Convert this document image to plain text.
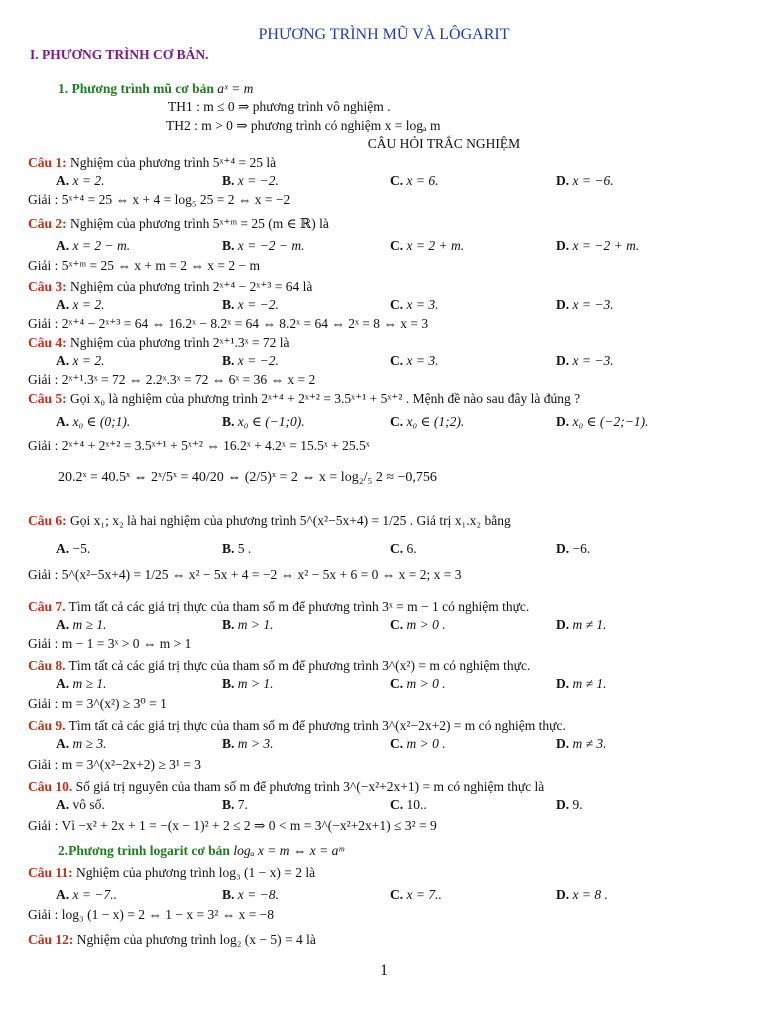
PHƯƠNG TRÌNH MŨ VÀ LÔGARIT
I. PHƯƠNG TRÌNH CƠ BẢN.
1. Phương trình mũ cơ bản aˣ = m
TH1 : m ≤ 0 ⇒ phương trình vô nghiệm .
TH2 : m > 0 ⇒ phương trình có nghiệm x = logₐ m
CÂU HỎI TRẮC NGHIỆM
Câu 1: Nghiệm của phương trình 5ˣ⁺⁴ = 25 là
A. x = 2.	B. x = −2.	C. x = 6.	D. x = −6.
Giải : 5ˣ⁺⁴ = 25 ⇔ x + 4 = log₅ 25 = 2 ⇔ x = −2
Câu 2: Nghiệm của phương trình 5ˣ⁺ᵐ = 25 (m ∈ ℝ) là
A. x = 2 − m.	B. x = −2 − m.	C. x = 2 + m.	D. x = −2 + m.
Giải : 5ˣ⁺ᵐ = 25 ⇔ x + m = 2 ⇔ x = 2 − m
Câu 3: Nghiệm của phương trình 2ˣ⁺⁴ − 2ˣ⁺³ = 64 là
A. x = 2.	B. x = −2.	C. x = 3.	D. x = −3.
Giải : 2ˣ⁺⁴ − 2ˣ⁺³ = 64 ⇔ 16.2ˣ − 8.2ˣ = 64 ⇔ 8.2ˣ = 64 ⇔ 2ˣ = 8 ⇔ x = 3
Câu 4: Nghiệm của phương trình 2ˣ⁺¹.3ˣ = 72 là
A. x = 2.	B. x = −2.	C. x = 3.	D. x = −3.
Giải : 2ˣ⁺¹.3ˣ = 72 ⇔ 2.2ˣ.3ˣ = 72 ⇔ 6ˣ = 36 ⇔ x = 2
Câu 5: Gọi x₀ là nghiệm của phương trình 2ˣ⁺⁴ + 2ˣ⁺² = 3.5ˣ⁺¹ + 5ˣ⁺² . Mệnh đề nào sau đây là đúng ?
A. x₀ ∈ (0;1).	B. x₀ ∈ (−1;0).	C. x₀ ∈ (1;2).	D. x₀ ∈ (−2;−1).
Giải : 2ˣ⁺⁴ + 2ˣ⁺² = 3.5ˣ⁺¹ + 5ˣ⁺² ⇔ 16.2ˣ + 4.2ˣ = 15.5ˣ + 25.5ˣ
20.2ˣ = 40.5ˣ ⇔ 2ˣ/5ˣ = 40/20 ⇔ (2/5)ˣ = 2 ⇔ x = log₂/₅ 2 ≈ −0,756
Câu 6: Gọi x₁; x₂ là hai nghiệm của phương trình 5^(x²−5x+4) = 1/25 . Giá trị x₁.x₂ bằng
A. −5.	B. 5 .	C. 6.	D. −6.
Giải : 5^(x²−5x+4) = 1/25 ⇔ x² − 5x + 4 = −2 ⇔ x² − 5x + 6 = 0 ⇔ x = 2; x = 3
Câu 7. Tìm tất cả các giá trị thực của tham số m để phương trình 3ˣ = m − 1 có nghiệm thực.
A. m ≥ 1.	B. m > 1.	C. m > 0 .	D. m ≠ 1.
Giải : m − 1 = 3ˣ > 0 ⇔ m > 1
Câu 8. Tìm tất cả các giá trị thực của tham số m để phương trình 3^(x²) = m có nghiệm thực.
A. m ≥ 1.	B. m > 1.	C. m > 0 .	D. m ≠ 1.
Giải : m = 3^(x²) ≥ 3⁰ = 1
Câu 9. Tìm tất cả các giá trị thực của tham số m để phương trình 3^(x²−2x+2) = m có nghiệm thực.
A. m ≥ 3.	B. m > 3.	C. m > 0 .	D. m ≠ 3.
Giải : m = 3^(x²−2x+2) ≥ 3¹ = 3
Câu 10. Số giá trị nguyên của tham số m để phương trình 3^(−x²+2x+1) = m có nghiệm thực là
A. vô số.	B. 7.	C. 10..	D. 9.
Giải : Vì −x² + 2x + 1 = −(x − 1)² + 2 ≤ 2 ⇒ 0 < m = 3^(−x²+2x+1) ≤ 3² = 9
2.Phương trình logarit cơ bản logₐ x = m ⇔ x = aᵐ
Câu 11: Nghiệm của phương trình log₃ (1 − x) = 2 là
A. x = −7..	B. x = −8.	C. x = 7..	D. x = 8 .
Giải : log₃ (1 − x) = 2 ⇔ 1 − x = 3² ⇔ x = −8
Câu 12: Nghiệm của phương trình log₂ (x − 5) = 4 là
1
